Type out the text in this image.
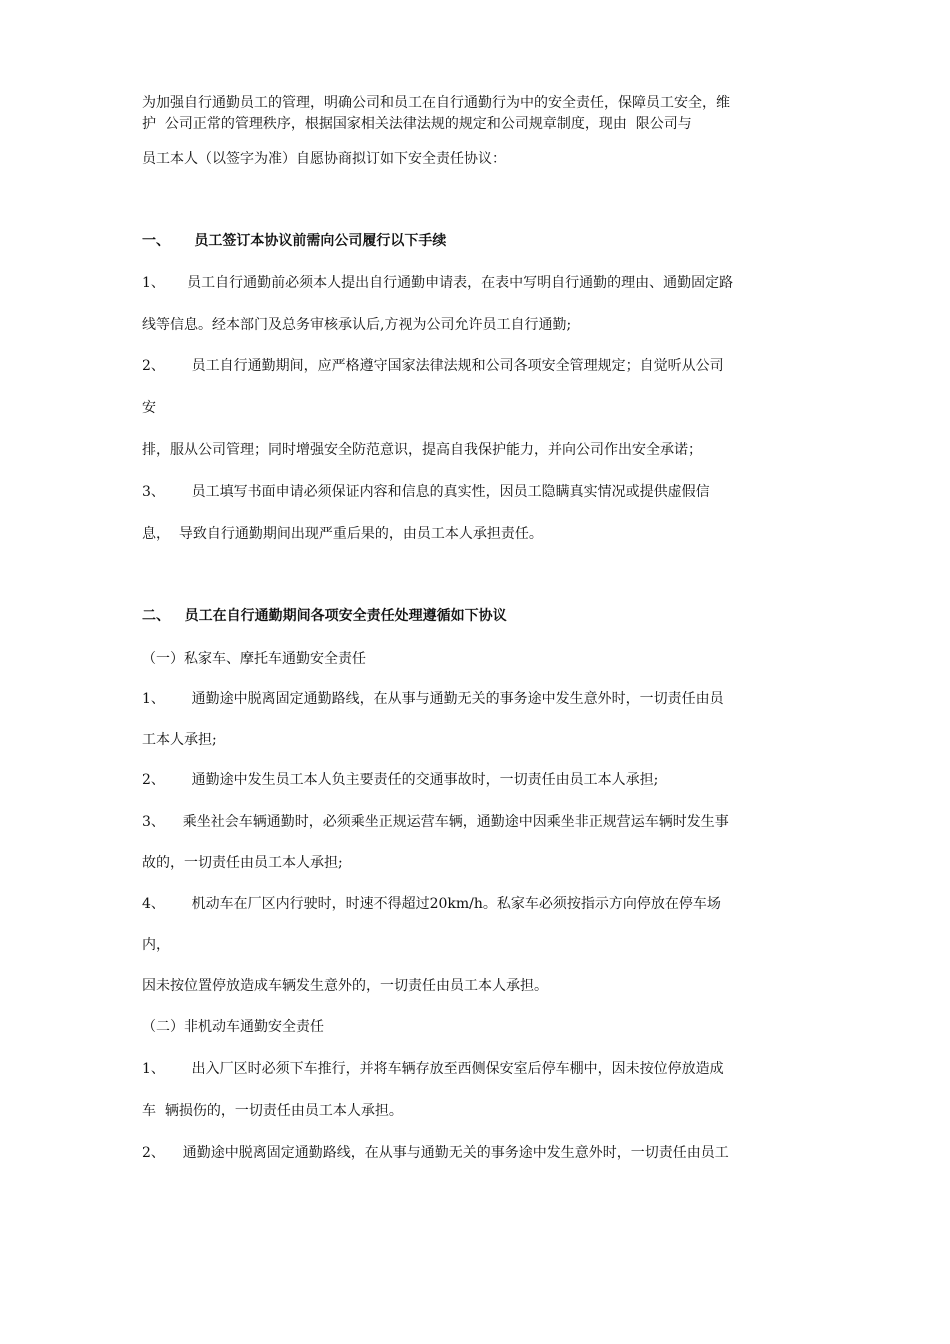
为加强自行通勤员工的管理，明确公司和员工在自行通勤行为中的安全责任，保障员工安全，维
护  公司正常的管理秩序，根据国家相关法律法规的规定和公司规章制度，现由  限公司与
员工本人（以签字为准）自愿协商拟订如下安全责任协议：
一、     员工签订本协议前需向公司履行以下手续
1、     员工自行通勤前必须本人提出自行通勤申请表，在表中写明自行通勤的理由、通勤固定路
线等信息。经本部门及总务审核承认后,方视为公司允许员工自行通勤;
2、      员工自行通勤期间，应严格遵守国家法律法规和公司各项安全管理规定；自觉听从公司
安
排，服从公司管理；同时增强安全防范意识，提高自我保护能力，并向公司作出安全承诺；
3、      员工填写书面申请必须保证内容和信息的真实性，因员工隐瞒真实情况或提供虚假信
息，  导致自行通勤期间出现严重后果的，由员工本人承担责任。
二、   员工在自行通勤期间各项安全责任处理遵循如下协议
（一）私家车、摩托车通勤安全责任
1、      通勤途中脱离固定通勤路线，在从事与通勤无关的事务途中发生意外时，一切责任由员
工本人承担;
2、      通勤途中发生员工本人负主要责任的交通事故时，一切责任由员工本人承担;
3、    乘坐社会车辆通勤时，必须乘坐正规运营车辆，通勤途中因乘坐非正规营运车辆时发生事
故的，一切责任由员工本人承担;
4、      机动车在厂区内行驶时，时速不得超过20km/h。私家车必须按指示方向停放在停车场
内，
因未按位置停放造成车辆发生意外的，一切责任由员工本人承担。
（二）非机动车通勤安全责任
1、      出入厂区时必须下车推行，并将车辆存放至西侧保安室后停车棚中，因未按位停放造成
车  辆损伤的，一切责任由员工本人承担。
2、    通勤途中脱离固定通勤路线，在从事与通勤无关的事务途中发生意外时，一切责任由员工
